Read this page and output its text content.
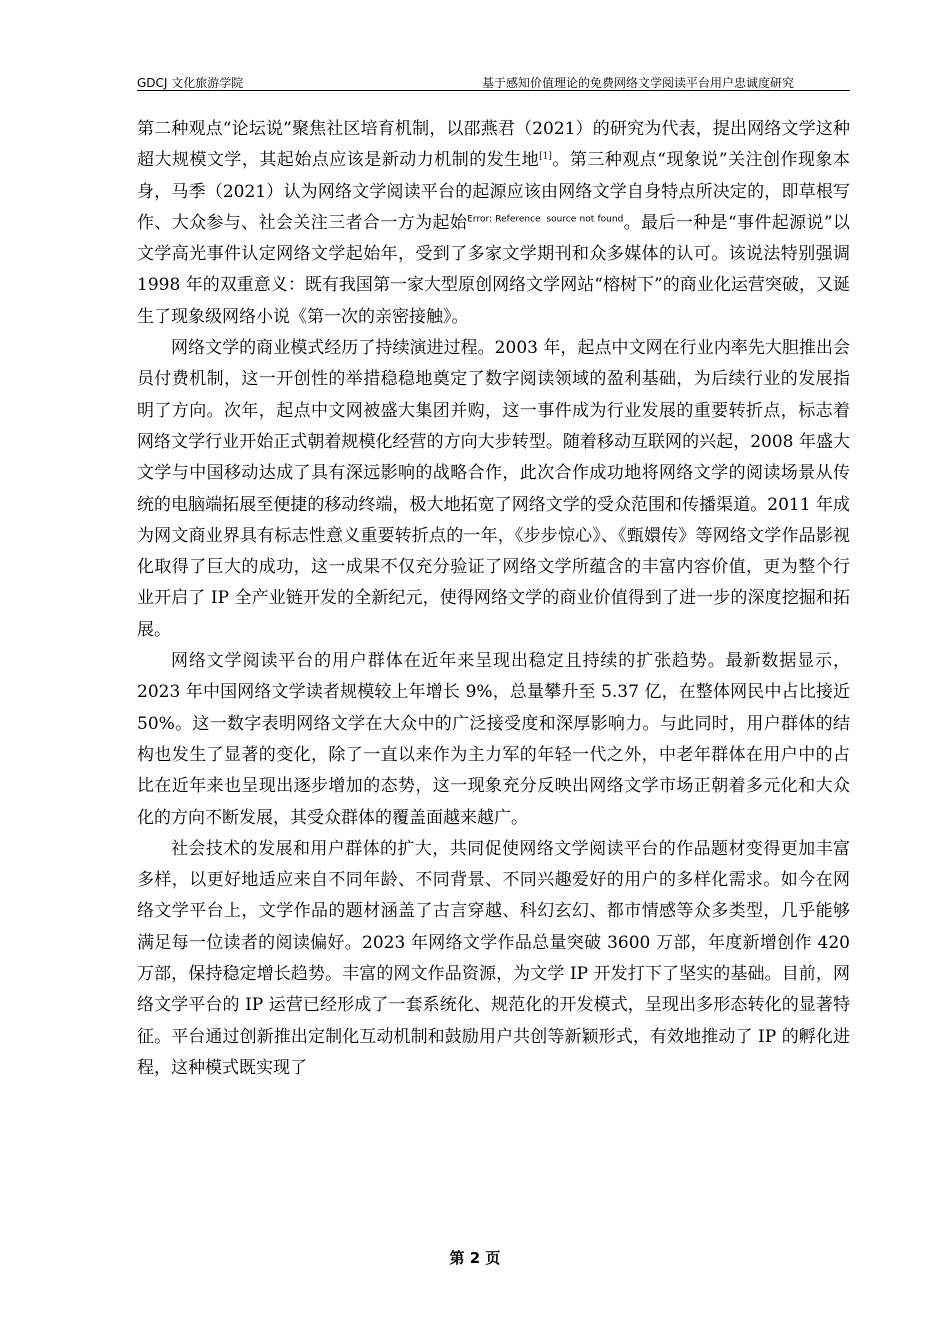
GDCJ 文化旅游学院	基于感知价值理论的免费网络文学阅读平台用户忠诚度研究

第二种观点“论坛说”聚焦社区培育机制，以邵燕君（2021）的研究为代表，提出网络文学这种超大规模文学，其起始点应该是新动力机制的发生地[1]。第三种观点“现象说”关注创作现象本身，马季（2021）认为网络文学阅读平台的起源应该由网络文学自身特点所决定的，即草根写作、大众参与、社会关注三者合一方为起始$^{Error: Reference}$ $^{source not found}$。最后一种是“事件起源说”以文学高光事件认定网络文学起始年，受到了多家文学期刊和众多媒体的认可。该说法特别强调 1998 年的双重意义：既有我国第一家大型原创网络文学网站“榕树下”的商业化运营突破，又诞生了现象级网络小说《第一次的亲密接触》。

网络文学的商业模式经历了持续演进过程。2003 年，起点中文网在行业内率先大胆推出会员付费机制，这一开创性的举措稳稳地奠定了数字阅读领域的盈利基础，为后续行业的发展指明了方向。次年，起点中文网被盛大集团并购，这一事件成为行业发展的重要转折点，标志着网络文学行业开始正式朝着规模化经营的方向大步转型。随着移动互联网的兴起，2008 年盛大文学与中国移动达成了具有深远影响的战略合作，此次合作成功地将网络文学的阅读场景从传统的电脑端拓展至便捷的移动终端，极大地拓宽了网络文学的受众范围和传播渠道。2011 年成为网文商业界具有标志性意义重要转折点的一年，《步步惊心》、《甄嬛传》等网络文学作品影视化取得了巨大的成功，这一成果不仅充分验证了网络文学所蕴含的丰富内容价值，更为整个行业开启了 IP 全产业链开发的全新纪元，使得网络文学的商业价值得到了进一步的深度挖掘和拓展。

网络文学阅读平台的用户群体在近年来呈现出稳定且持续的扩张趋势。最新数据显示，2023 年中国网络文学读者规模较上年增长 9%，总量攀升至 5.37 亿，在整体网民中占比接近 50%。这一数字表明网络文学在大众中的广泛接受度和深厚影响力。与此同时，用户群体的结构也发生了显著的变化，除了一直以来作为主力军的年轻一代之外，中老年群体在用户中的占比在近年来也呈现出逐步增加的态势，这一现象充分反映出网络文学市场正朝着多元化和大众化的方向不断发展，其受众群体的覆盖面越来越广。

社会技术的发展和用户群体的扩大，共同促使网络文学阅读平台的作品题材变得更加丰富多样，以更好地适应来自不同年龄、不同背景、不同兴趣爱好的用户的多样化需求。如今在网络文学平台上，文学作品的题材涵盖了古言穿越、科幻玄幻、都市情感等众多类型，几乎能够满足每一位读者的阅读偏好。2023 年网络文学作品总量突破 3600 万部，年度新增创作 420 万部，保持稳定增长趋势。丰富的网文作品资源，为文学 IP 开发打下了坚实的基础。目前，网络文学平台的 IP 运营已经形成了一套系统化、规范化的开发模式，呈现出多形态转化的显著特征。平台通过创新推出定制化互动机制和鼓励用户共创等新颖形式，有效地推动了 IP 的孵化进程，这种模式既实现了

第 2 页
